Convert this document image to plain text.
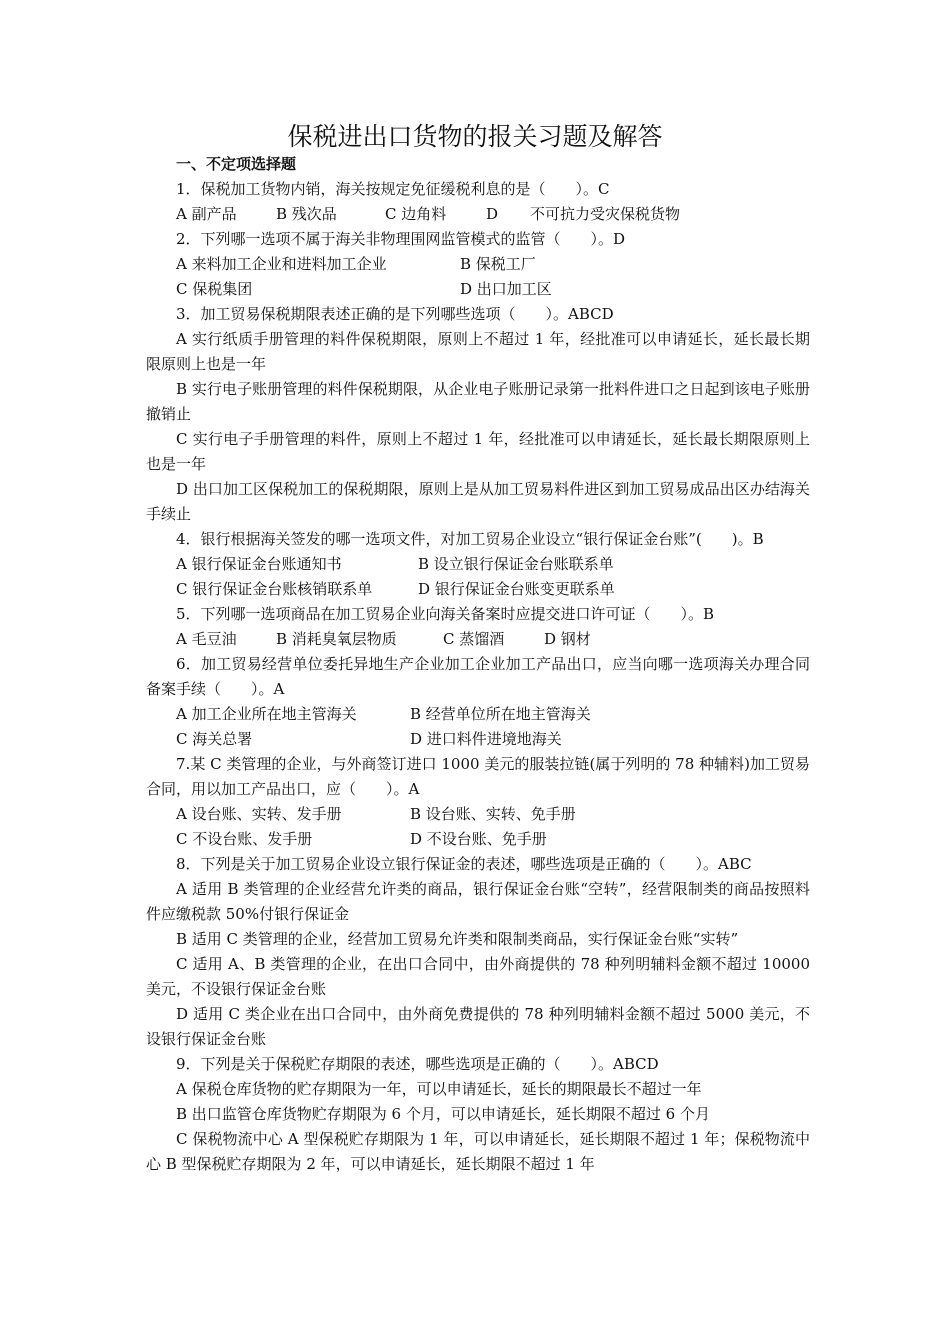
保税进出口货物的报关习题及解答
一、不定项选择题
1．保税加工货物内销，海关按规定免征缓税利息的是（　　）。C
A 副产品	B 残次品	C 边角料	D 不可抗力受灾保税货物
2．下列哪一选项不属于海关非物理围网监管模式的监管（　　）。D
A 来料加工企业和进料加工企业	B 保税工厂
C 保税集团	D 出口加工区
3．加工贸易保税期限表述正确的是下列哪些选项（　　）。ABCD
A 实行纸质手册管理的料件保税期限，原则上不超过 1 年，经批准可以申请延长，延长最长期限原则上也是一年
B 实行电子账册管理的料件保税期限，从企业电子账册记录第一批料件进口之日起到该电子账册撤销止
C 实行电子手册管理的料件，原则上不超过 1 年，经批准可以申请延长，延长最长期限原则上也是一年
D 出口加工区保税加工的保税期限，原则上是从加工贸易料件进区到加工贸易成品出区办结海关手续止
4．银行根据海关签发的哪一选项文件，对加工贸易企业设立“银行保证金台账”(　　)。B
A 银行保证金台账通知书	B 设立银行保证金台账联系单
C 银行保证金台账核销联系单	D 银行保证金台账变更联系单
5．下列哪一选项商品在加工贸易企业向海关备案时应提交进口许可证（　　）。B
A 毛豆油	B 消耗臭氧层物质	C 蒸馏酒	D 钢材
6．加工贸易经营单位委托异地生产企业加工企业加工产品出口，应当向哪一选项海关办理合同备案手续（　　）。A
A 加工企业所在地主管海关	B 经营单位所在地主管海关
C 海关总署	D 进口料件进境地海关
7.某 C 类管理的企业，与外商签订进口 1000 美元的服装拉链(属于列明的 78 种辅料)加工贸易合同，用以加工产品出口，应（　　）。A
A 设台账、实转、发手册	B 设台账、实转、免手册
C 不设台账、发手册	D 不设台账、免手册
8．下列是关于加工贸易企业设立银行保证金的表述，哪些选项是正确的（　　）。ABC
A 适用 B 类管理的企业经营允许类的商品，银行保证金台账“空转”，经营限制类的商品按照料件应缴税款 50%付银行保证金
B 适用 C 类管理的企业，经营加工贸易允许类和限制类商品，实行保证金台账“实转”
C 适用 A、B 类管理的企业，在出口合同中，由外商提供的 78 种列明辅料金额不超过 10000 美元，不设银行保证金台账
D 适用 C 类企业在出口合同中，由外商免费提供的 78 种列明辅料金额不超过 5000 美元，不设银行保证金台账
9．下列是关于保税贮存期限的表述，哪些选项是正确的（　　）。ABCD
A 保税仓库货物的贮存期限为一年，可以申请延长，延长的期限最长不超过一年
B 出口监管仓库货物贮存期限为 6 个月，可以申请延长，延长期限不超过 6 个月
C 保税物流中心 A 型保税贮存期限为 1 年，可以申请延长，延长期限不超过 1 年；保税物流中心 B 型保税贮存期限为 2 年，可以申请延长，延长期限不超过 1 年
